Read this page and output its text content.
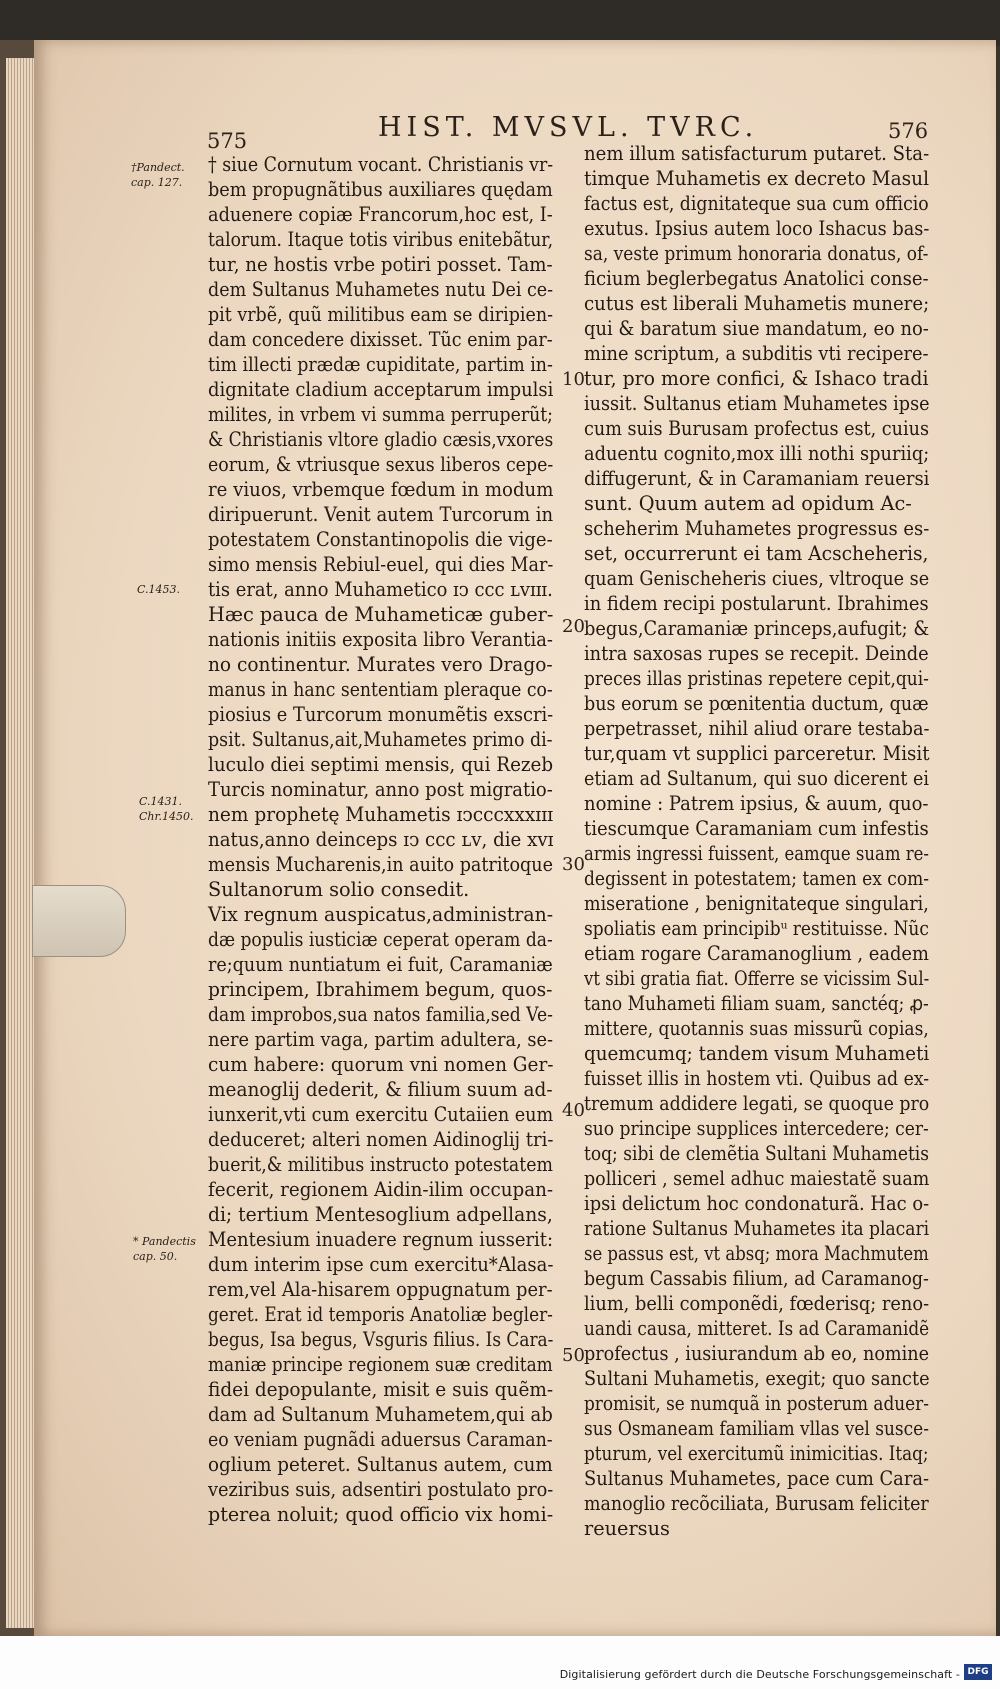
575	HIST. MVSVL. TVRC.	576
†Pandect.
cap. 127.
C.1453.
C.1431.
Chr.1450.
* Pandectis
cap. 50.
10
20
30
40
50
† siue Cornutum vocant. Christianis vr-
bem propugnãtibus auxiliares quędam
aduenere copiæ Francorum,hoc est, I-
talorum. Itaque totis viribus enitebãtur,
tur, ne hostis vrbe potiri posset. Tam-
dem Sultanus Muhametes nutu Dei ce-
pit vrbẽ, quũ militibus eam se diripien-
dam concedere dixisset. Tũc enim par-
tim illecti prædæ cupiditate, partim in-
dignitate cladium acceptarum impulsi
milites, in vrbem vi summa perruperũt;
& Christianis vltore gladio cæsis,vxores
eorum, & vtriusque sexus liberos cepe-
re viuos, vrbemque fœdum in modum
diripuerunt. Venit autem Turcorum in
potestatem Constantinopolis die vige-
simo mensis Rebiul-euel, qui dies Mar-
tis erat, anno Muhametico ɪↄ ccc ʟᴠɪɪɪ.
Hæc pauca de Muhameticæ guber-
nationis initiis exposita libro Verantia-
no continentur. Murates vero Drago-
manus in hanc sententiam pleraque co-
piosius e Turcorum monumẽtis exscri-
psit. Sultanus,ait,Muhametes primo di-
luculo diei septimi mensis, qui Rezeb
Turcis nominatur, anno post migratio-
nem prophetę Muhametis ɪↄcccxxxɪɪɪ
natus,anno deinceps ɪↄ ccc ʟᴠ, die xᴠɪ
mensis Mucharenis,in auito patritoque
Sultanorum solio consedit.
Vix regnum auspicatus,administran-
dæ populis iusticiæ ceperat operam da-
re;quum nuntiatum ei fuit, Caramaniæ
principem, Ibrahimem begum, quos-
dam improbos,sua natos familia,sed Ve-
nere partim vaga, partim adultera, se-
cum habere: quorum vni nomen Ger-
meanoglij dederit, & filium suum ad-
iunxerit,vti cum exercitu Cutaiien eum
deduceret; alteri nomen Aidinoglij tri-
buerit,& militibus instructo potestatem
fecerit, regionem Aidin-ilim occupan-
di; tertium Mentesoglium adpellans,
Mentesium inuadere regnum iusserit:
dum interim ipse cum exercitu*Alasa-
rem,vel Ala-hisarem oppugnatum per-
geret. Erat id temporis Anatoliæ begler-
begus, Isa begus, Vsguris filius. Is Cara-
maniæ principe regionem suæ creditam
fidei depopulante, misit e suis quẽm-
dam ad Sultanum Muhametem,qui ab
eo veniam pugnãdi aduersus Caraman-
oglium peteret. Sultanus autem, cum
veziribus suis, adsentiri postulato pro-
pterea noluit; quod officio vix homi-
nem illum satisfacturum putaret. Sta-
timque Muhametis ex decreto Masul
factus est, dignitateque sua cum officio
exutus. Ipsius autem loco Ishacus bas-
sa, veste primum honoraria donatus, of-
ficium beglerbegatus Anatolici conse-
cutus est liberali Muhametis munere;
qui & baratum siue mandatum, eo no-
mine scriptum, a subditis vti recipere-
tur, pro more confici, & Ishaco tradi
iussit. Sultanus etiam Muhametes ipse
cum suis Burusam profectus est, cuius
aduentu cognito,mox illi nothi spuriiq;
diffugerunt, & in Caramaniam reuersi
sunt. Quum autem ad opidum Ac-
scheherim Muhametes progressus es-
set, occurrerunt ei tam Acscheheris,
quam Genischeheris ciues, vltroque se
in fidem recipi postularunt. Ibrahimes
begus,Caramaniæ princeps,aufugit; &
intra saxosas rupes se recepit. Deinde
preces illas pristinas repetere cepit,qui-
bus eorum se pœnitentia ductum, quæ
perpetrasset, nihil aliud orare testaba-
tur,quam vt supplici parceretur. Misit
etiam ad Sultanum, qui suo dicerent ei
nomine : Patrem ipsius, & auum, quo-
tiescumque Caramaniam cum infestis
armis ingressi fuissent, eamque suam re-
degissent in potestatem; tamen ex com-
miseratione , benignitateque singulari,
spoliatis eam principibᵘ restituisse. Nũc
etiam rogare Caramanoglium , eadem
vt sibi gratia fiat. Offerre se vicissim Sul-
tano Muhameti filiam suam, sanctéq; ꝓ-
mittere, quotannis suas missurũ copias,
quemcumq; tandem visum Muhameti
fuisset illis in hostem vti. Quibus ad ex-
tremum addidere legati, se quoque pro
suo principe supplices intercedere; cer-
toq; sibi de clemẽtia Sultani Muhametis
polliceri , semel adhuc maiestatẽ suam
ipsi delictum hoc condonaturã. Hac o-
ratione Sultanus Muhametes ita placari
se passus est, vt absq; mora Machmutem
begum Cassabis filium, ad Caramanog-
lium, belli componẽdi, fœderisq; reno-
uandi causa, mitteret. Is ad Caramanidẽ
profectus , iusiurandum ab eo, nomine
Sultani Muhametis, exegit; quo sancte
promisit, se numquã in posterum aduer-
sus Osmaneam familiam vllas vel susce-
pturum, vel exercitumũ inimicitias. Itaq;
Sultanus Muhametes, pace cum Cara-
manoglio recõciliata, Burusam feliciter
reuersus
Digitalisierung gefördert durch die Deutsche Forschungsgemeinschaft - DFG
